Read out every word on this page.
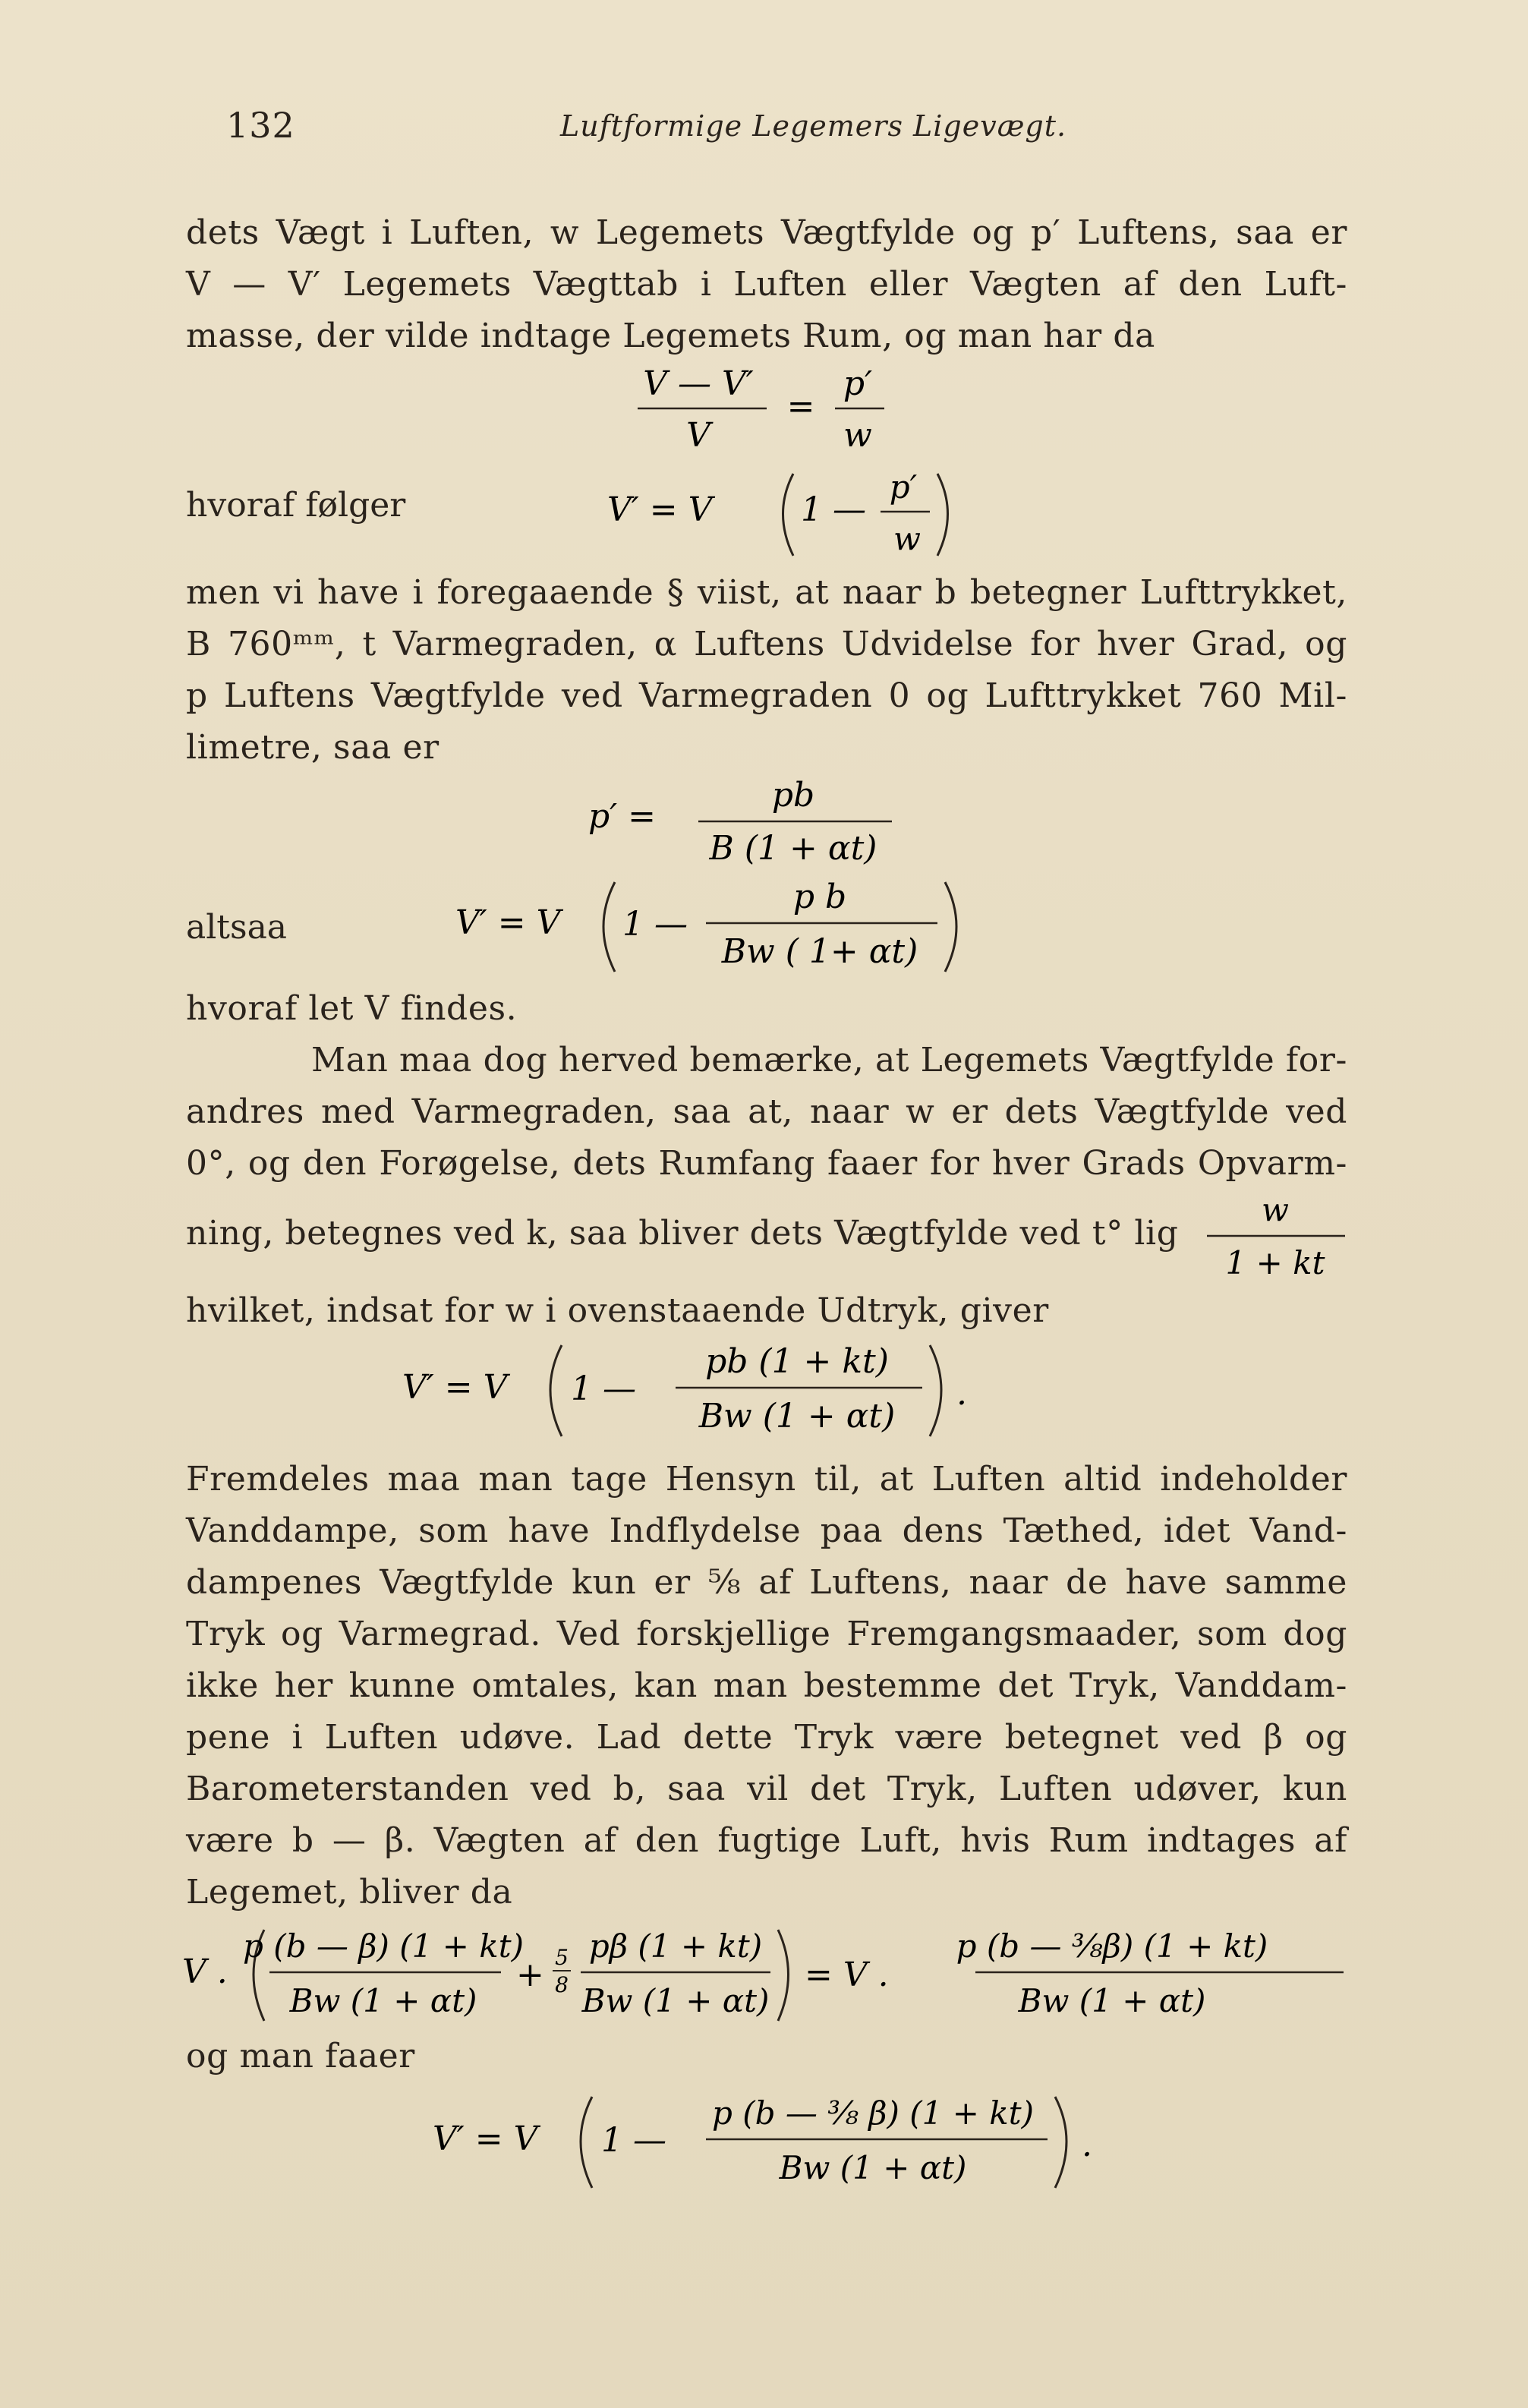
132	Luftformige Legemers Ligevægt.
dets Vægt i Luften, w Legemets Vægtfylde og p′ Luftens, saa er
V — V′ Legemets Vægttab i Luften eller Vægten af den Luft-
masse, der vilde indtage Legemets Rum, og man har da
V — V′
V
=
p′
w
hvoraf følger	V′ = V	1 —
p′
w
men vi have i foregaaende § viist, at naar b betegner Lufttrykket,
B 760ᵐᵐ, t Varmegraden, α Luftens Udvidelse for hver Grad, og
p Luftens Vægtfylde ved Varmegraden 0 og Lufttrykket 760 Mil-
limetre, saa er
p′ =
pb
B (1 + αt)
altsaa	V′ = V 1 —
p b
Bw ( 1+ αt)
hvoraf let V findes.
Man maa dog herved bemærke, at Legemets Vægtfylde for-
andres med Varmegraden, saa at, naar w er dets Vægtfylde ved
0°, og den Forøgelse, dets Rumfang faaer for hver Grads Opvarm-
ning, betegnes ved k, saa bliver dets Vægtfylde ved t° lig
w
1 + kt
hvilket, indsat for w i ovenstaaende Udtryk, giver
V′ = V 1 —
pb (1 + kt)
Bw (1 + αt)
.
Fremdeles maa man tage Hensyn til, at Luften altid indeholder
Vanddampe, som have Indflydelse paa dens Tæthed, idet Vand-
dampenes Vægtfylde kun er ⅝ af Luftens, naar de have samme
Tryk og Varmegrad. Ved forskjellige Fremgangsmaader, som dog
ikke her kunne omtales, kan man bestemme det Tryk, Vanddam-
pene i Luften udøve. Lad dette Tryk være betegnet ved β og
Barometerstanden ved b, saa vil det Tryk, Luften udøver, kun
være b — β. Vægten af den fugtige Luft, hvis Rum indtages af
Legemet, bliver da
V .
p (b — β) (1 + kt)
Bw (1 + αt)
+ 5
8
pβ (1 + kt)
Bw (1 + αt)
= V .
p (b — ⅜β) (1 + kt)
Bw (1 + αt)
og man faaer
V′ = V 1 —
p (b — ⅜ β) (1 + kt)
Bw (1 + αt)
.
